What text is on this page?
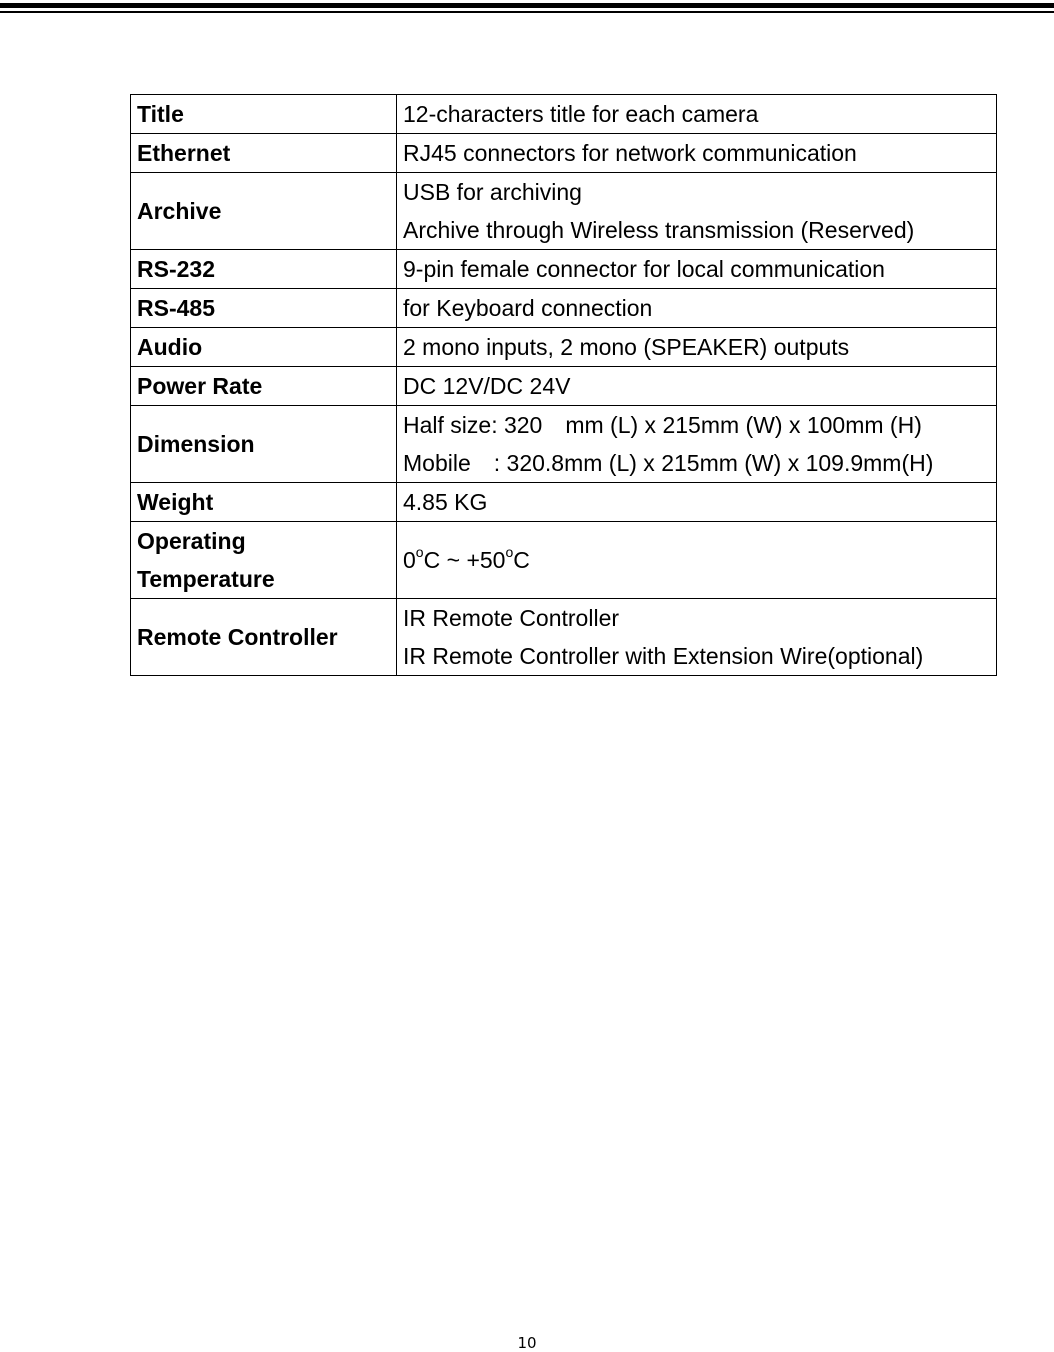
Title	12-characters title for each camera

Ethernet	RJ45 connectors for network communication

Archive	USB for archiving
Archive through Wireless transmission (Reserved)

RS-232	9-pin female connector for local communication

RS-485	for Keyboard connection

Audio	2 mono inputs, 2 mono (SPEAKER) outputs

Power Rate	DC 12V/DC 24V

Dimension	Half size: 320　mm (L) x 215mm (W) x 100mm (H)
Mobile　: 320.8mm (L) x 215mm (W) x 109.9mm(H)

Weight	4.85 KG

Operating
Temperature	0$^o$C ~ $+50^oC$

Remote Controller	IR Remote Controller
IR Remote Controller with Extension Wire(optional)
10
